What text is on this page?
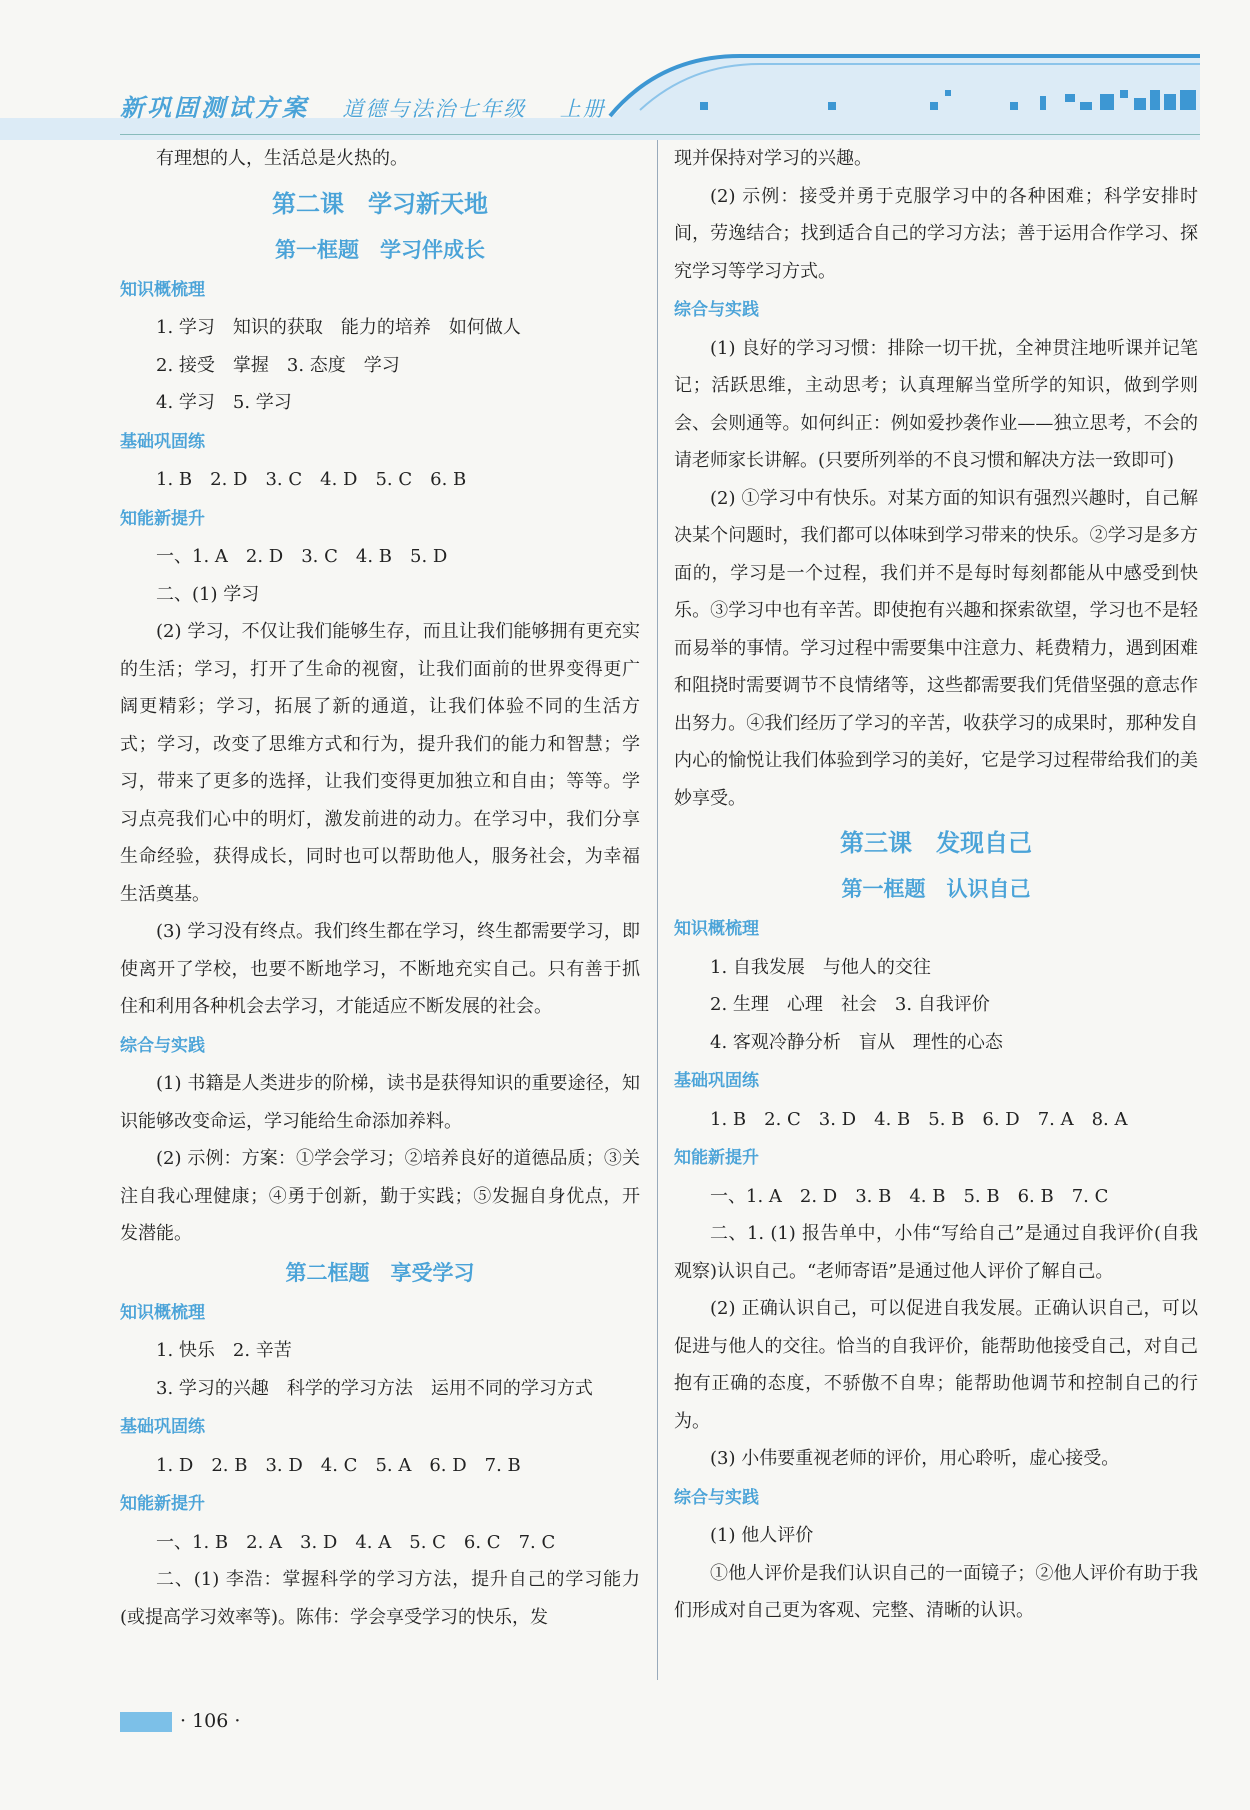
新巩固测试方案 道德与法治七年级 上册

有理想的人，生活总是火热的。

第二课　学习新天地
第一框题　学习伴成长
知识概梳理

1. 学习　知识的获取　能力的培养　如何做人

2. 接受　掌握　3. 态度　学习

4. 学习　5. 学习

基础巩固练

1. B　2. D　3. C　4. D　5. C　6. B

知能新提升

一、1. A　2. D　3. C　4. B　5. D

二、(1) 学习

(2) 学习，不仅让我们能够生存，而且让我们能够拥有更充实的生活；学习，打开了生命的视窗，让我们面前的世界变得更广阔更精彩；学习，拓展了新的通道，让我们体验不同的生活方式；学习，改变了思维方式和行为，提升我们的能力和智慧；学习，带来了更多的选择，让我们变得更加独立和自由；等等。学习点亮我们心中的明灯，激发前进的动力。在学习中，我们分享生命经验，获得成长，同时也可以帮助他人，服务社会，为幸福生活奠基。

(3) 学习没有终点。我们终生都在学习，终生都需要学习，即使离开了学校，也要不断地学习，不断地充实自己。只有善于抓住和利用各种机会去学习，才能适应不断发展的社会。

综合与实践

(1) 书籍是人类进步的阶梯，读书是获得知识的重要途径，知识能够改变命运，学习能给生命添加养料。

(2) 示例：方案：①学会学习；②培养良好的道德品质；③关注自我心理健康；④勇于创新，勤于实践；⑤发掘自身优点，开发潜能。

第二框题　享受学习
知识概梳理

1. 快乐　2. 辛苦

3. 学习的兴趣　科学的学习方法　运用不同的学习方式

基础巩固练

1. D　2. B　3. D　4. C　5. A　6. D　7. B

知能新提升

一、1. B　2. A　3. D　4. A　5. C　6. C　7. C

二、(1) 李浩：掌握科学的学习方法，提升自己的学习能力(或提高学习效率等)。陈伟：学会享受学习的快乐，发

现并保持对学习的兴趣。

(2) 示例：接受并勇于克服学习中的各种困难；科学安排时间，劳逸结合；找到适合自己的学习方法；善于运用合作学习、探究学习等学习方式。

综合与实践

(1) 良好的学习习惯：排除一切干扰，全神贯注地听课并记笔记；活跃思维，主动思考；认真理解当堂所学的知识，做到学则会、会则通等。如何纠正：例如爱抄袭作业——独立思考，不会的请老师家长讲解。(只要所列举的不良习惯和解决方法一致即可)

(2) ①学习中有快乐。对某方面的知识有强烈兴趣时，自己解决某个问题时，我们都可以体味到学习带来的快乐。②学习是多方面的，学习是一个过程，我们并不是每时每刻都能从中感受到快乐。③学习中也有辛苦。即使抱有兴趣和探索欲望，学习也不是轻而易举的事情。学习过程中需要集中注意力、耗费精力，遇到困难和阻挠时需要调节不良情绪等，这些都需要我们凭借坚强的意志作出努力。④我们经历了学习的辛苦，收获学习的成果时，那种发自内心的愉悦让我们体验到学习的美好，它是学习过程带给我们的美妙享受。

第三课　发现自己
第一框题　认识自己
知识概梳理

1. 自我发展　与他人的交往

2. 生理　心理　社会　3. 自我评价

4. 客观冷静分析　盲从　理性的心态

基础巩固练

1. B　2. C　3. D　4. B　5. B　6. D　7. A　8. A

知能新提升

一、1. A　2. D　3. B　4. B　5. B　6. B　7. C

二、1. (1) 报告单中，小伟“写给自己”是通过自我评价(自我观察)认识自己。“老师寄语”是通过他人评价了解自己。

(2) 正确认识自己，可以促进自我发展。正确认识自己，可以促进与他人的交往。恰当的自我评价，能帮助他接受自己，对自己抱有正确的态度，不骄傲不自卑；能帮助他调节和控制自己的行为。

(3) 小伟要重视老师的评价，用心聆听，虚心接受。

综合与实践

(1) 他人评价

①他人评价是我们认识自己的一面镜子；②他人评价有助于我们形成对自己更为客观、完整、清晰的认识。

· 106 ·
